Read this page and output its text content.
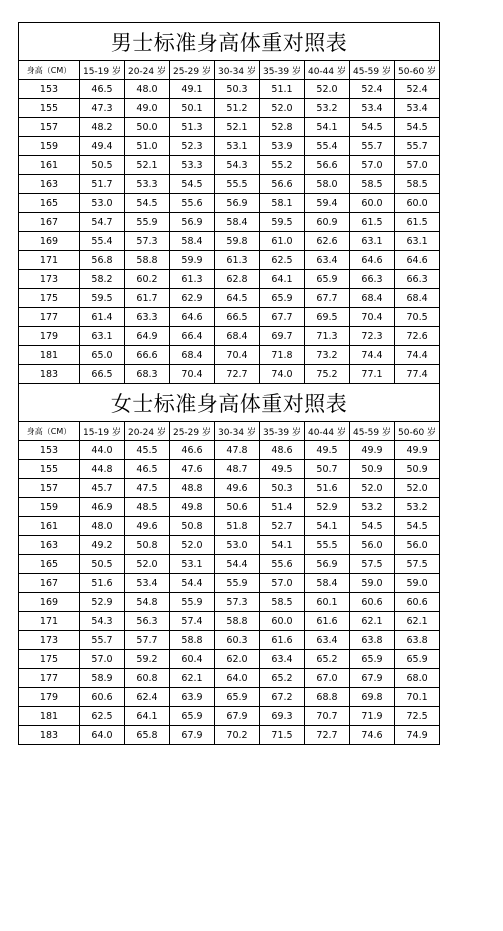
男士标准身高体重对照表								
身高（CM）	15-19 岁	20-24 岁	25-29 岁	30-34 岁	35-39 岁	40-44 岁	45-59 岁	50-60 岁
153	46.5	48.0	49.1	50.3	51.1	52.0	52.4	52.4
155	47.3	49.0	50.1	51.2	52.0	53.2	53.4	53.4
157	48.2	50.0	51.3	52.1	52.8	54.1	54.5	54.5
159	49.4	51.0	52.3	53.1	53.9	55.4	55.7	55.7
161	50.5	52.1	53.3	54.3	55.2	56.6	57.0	57.0
163	51.7	53.3	54.5	55.5	56.6	58.0	58.5	58.5
165	53.0	54.5	55.6	56.9	58.1	59.4	60.0	60.0
167	54.7	55.9	56.9	58.4	59.5	60.9	61.5	61.5
169	55.4	57.3	58.4	59.8	61.0	62.6	63.1	63.1
171	56.8	58.8	59.9	61.3	62.5	63.4	64.6	64.6
173	58.2	60.2	61.3	62.8	64.1	65.9	66.3	66.3
175	59.5	61.7	62.9	64.5	65.9	67.7	68.4	68.4
177	61.4	63.3	64.6	66.5	67.7	69.5	70.4	70.5
179	63.1	64.9	66.4	68.4	69.7	71.3	72.3	72.6
181	65.0	66.6	68.4	70.4	71.8	73.2	74.4	74.4
183	66.5	68.3	70.4	72.7	74.0	75.2	77.1	77.4
女士标准身高体重对照表								
身高（CM）	15-19 岁	20-24 岁	25-29 岁	30-34 岁	35-39 岁	40-44 岁	45-59 岁	50-60 岁
153	44.0	45.5	46.6	47.8	48.6	49.5	49.9	49.9
155	44.8	46.5	47.6	48.7	49.5	50.7	50.9	50.9
157	45.7	47.5	48.8	49.6	50.3	51.6	52.0	52.0
159	46.9	48.5	49.8	50.6	51.4	52.9	53.2	53.2
161	48.0	49.6	50.8	51.8	52.7	54.1	54.5	54.5
163	49.2	50.8	52.0	53.0	54.1	55.5	56.0	56.0
165	50.5	52.0	53.1	54.4	55.6	56.9	57.5	57.5
167	51.6	53.4	54.4	55.9	57.0	58.4	59.0	59.0
169	52.9	54.8	55.9	57.3	58.5	60.1	60.6	60.6
171	54.3	56.3	57.4	58.8	60.0	61.6	62.1	62.1
173	55.7	57.7	58.8	60.3	61.6	63.4	63.8	63.8
175	57.0	59.2	60.4	62.0	63.4	65.2	65.9	65.9
177	58.9	60.8	62.1	64.0	65.2	67.0	67.9	68.0
179	60.6	62.4	63.9	65.9	67.2	68.8	69.8	70.1
181	62.5	64.1	65.9	67.9	69.3	70.7	71.9	72.5
183	64.0	65.8	67.9	70.2	71.5	72.7	74.6	74.9
